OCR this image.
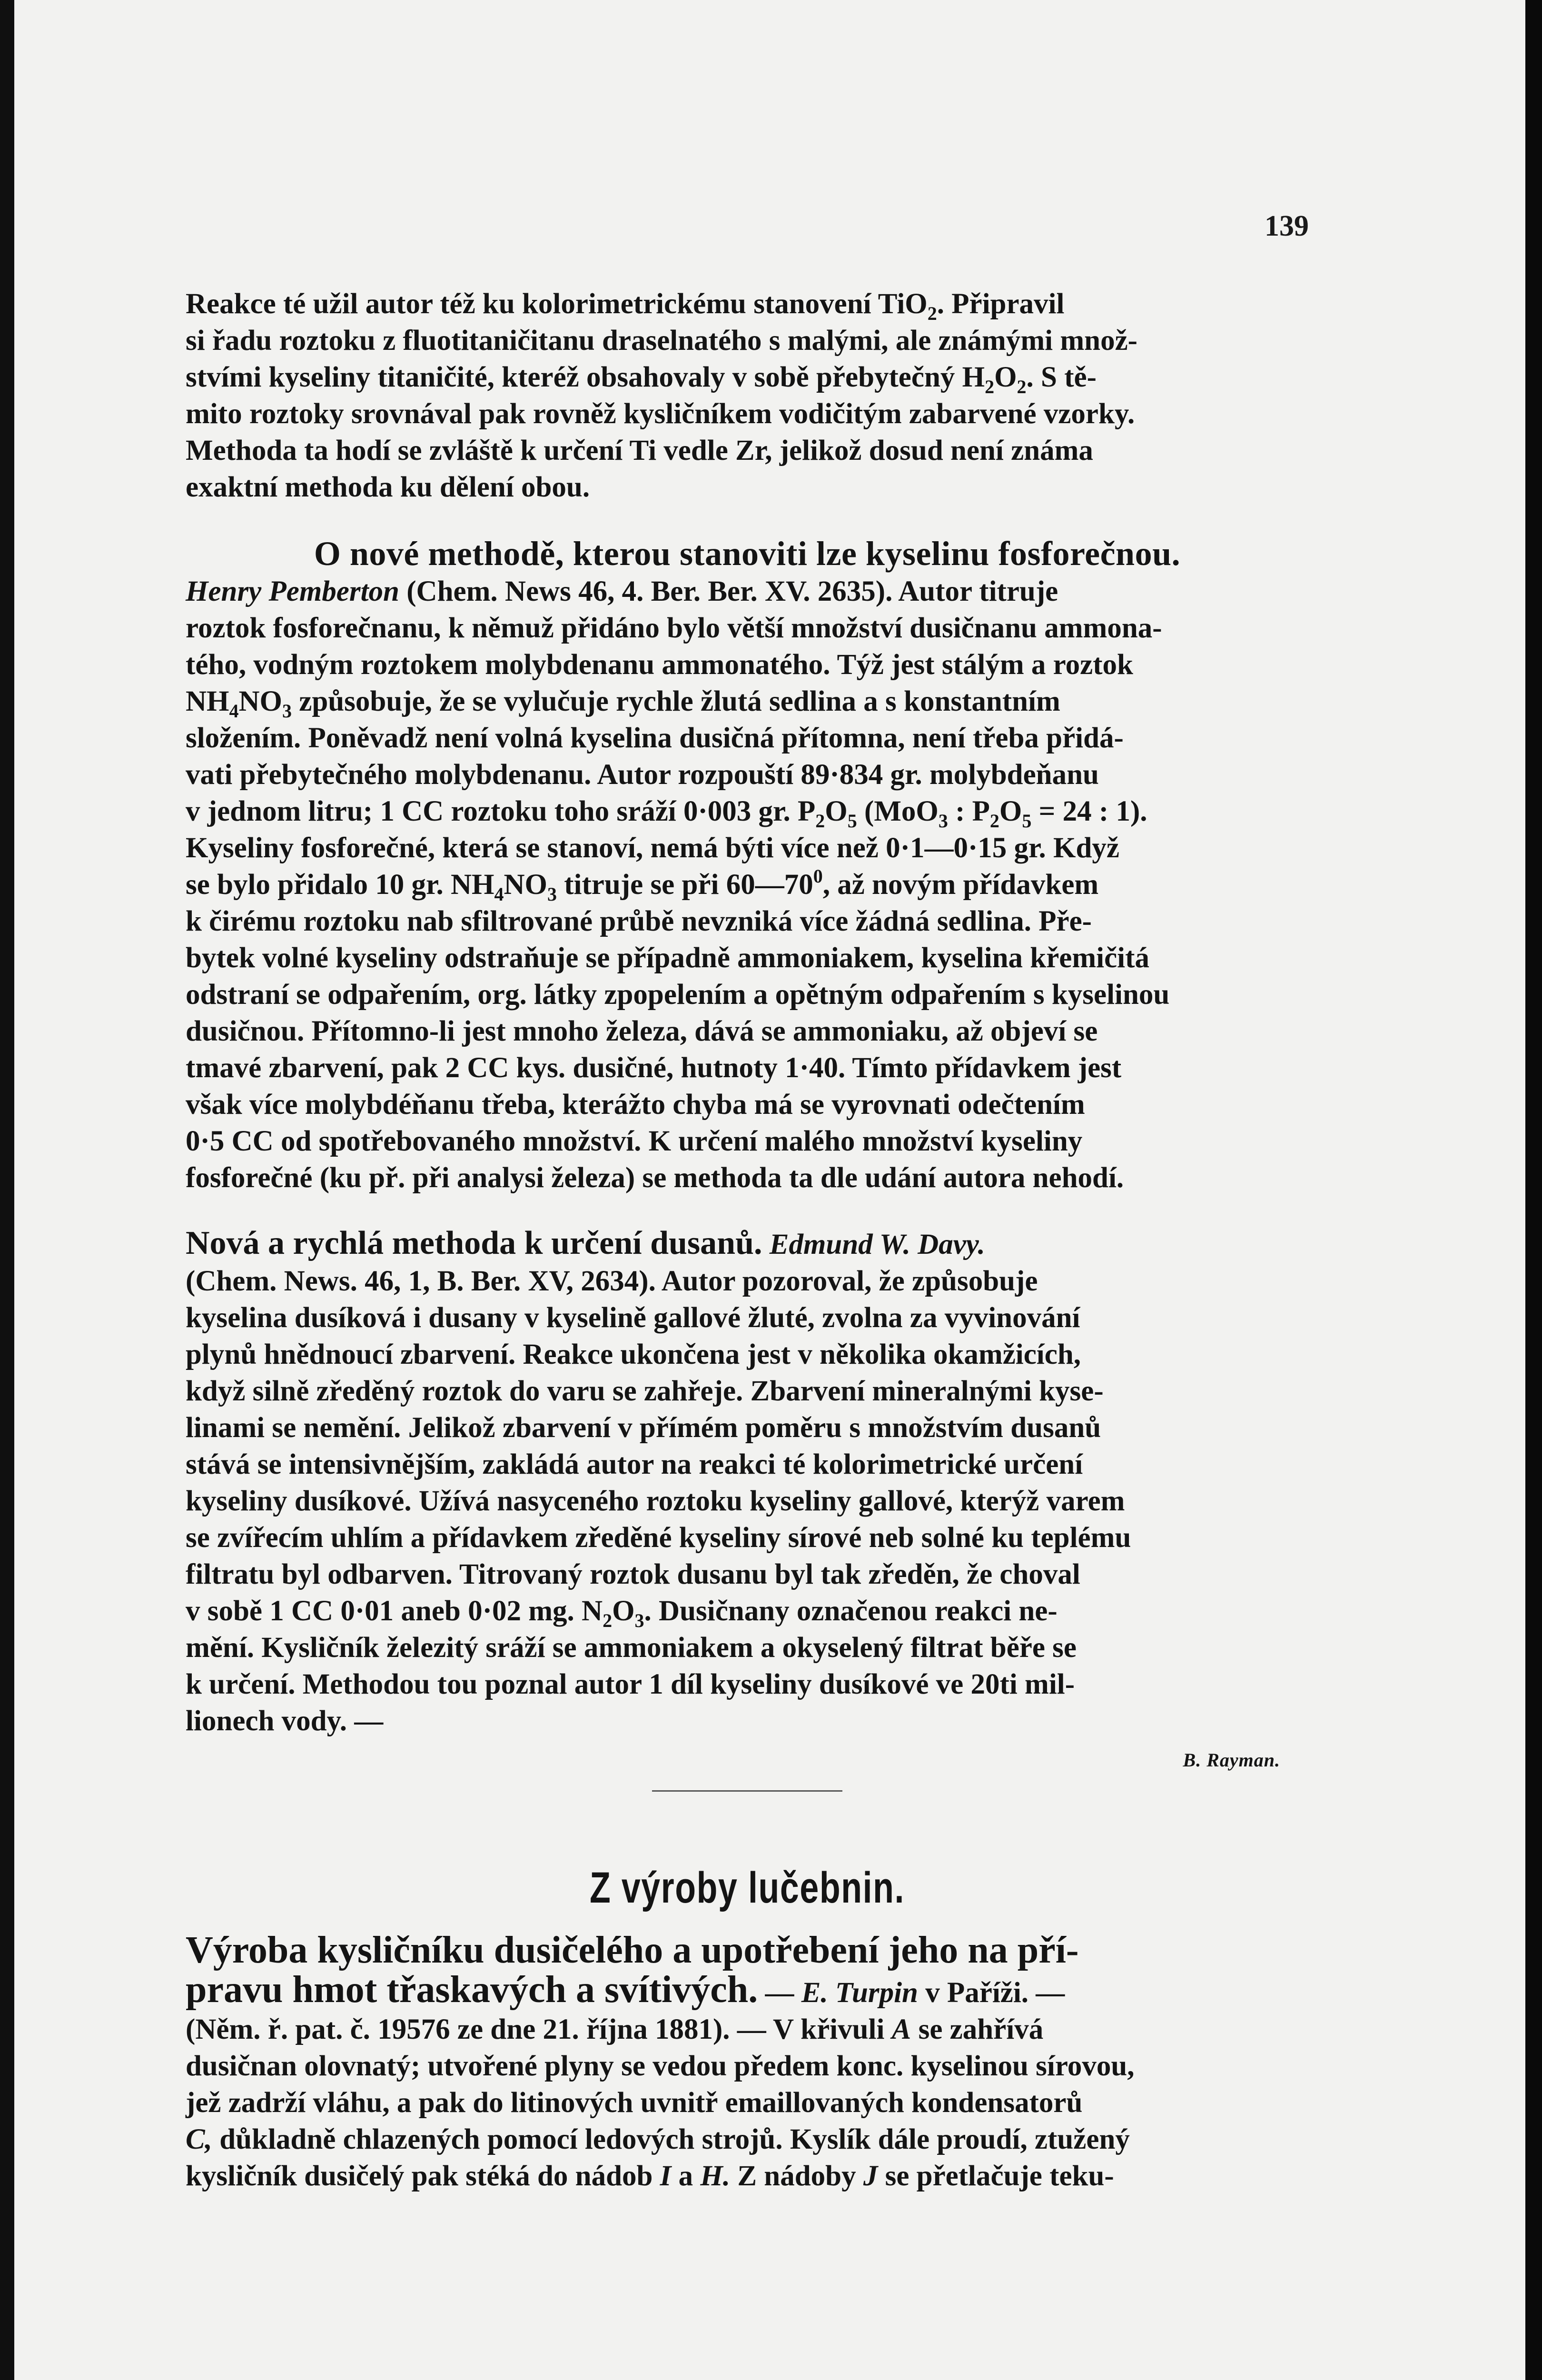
139
Reakce té užil autor též ku kolorimetrickému stanovení TiO$_2$. Připravil
si řadu roztoku z fluotitaničitanu draselnatého s malými, ale známými množ-
stvími kyseliny titaničité, kteréž obsahovaly v sobě přebytečný $H_2O_2$. S tě-
mito roztoky srovnával pak rovněž kysličníkem vodičitým zabarvené vzorky.
Methoda ta hodí se zvláště k určení Ti vedle Zr, jelikož dosud není známa
exaktní methoda ku dělení obou.
O nové methodě, kterou stanoviti lze kyselinu fosforečnou.
Henry Pemberton (Chem. News 46, 4. Ber. Ber. XV. 2635). Autor titruje
roztok fosforečnanu, k němuž přidáno bylo větší množství dusičnanu ammona-
tého, vodným roztokem molybdenanu ammonatého. Týž jest stálým a roztok
$NH_4NO_3$ způsobuje, že se vylučuje rychle žlutá sedlina a s konstantním
složením. Poněvadž není volná kyselina dusičná přítomna, není třeba přidá-
vati přebytečného molybdenanu. Autor rozpouští 89·834 gr. molybdeňanu
v jednom litru; 1 CC roztoku toho sráží 0·003 gr. $P_2O_5$ (MoO$_3$ : $P_2O_5 = 24$ : 1).
Kyseliny fosforečné, která se stanoví, nemá býti více než 0·1—0·15 gr. Když
se bylo přidalo 10 gr. $NH_4NO_3$ titruje se při $60—70^0$, až novým přídavkem
k čirému roztoku nab sfiltrované průbě nevzniká více žádná sedlina. Pře-
bytek volné kyseliny odstraňuje se případně ammoniakem, kyselina křemičitá
odstraní se odpařením, org. látky zpopelením a opětným odpařením s kyselinou
dusičnou. Přítomno-li jest mnoho železa, dává se ammoniaku, až objeví se
tmavé zbarvení, pak 2 CC kys. dusičné, hutnoty 1·40. Tímto přídavkem jest
však více molybdéňanu třeba, kterážto chyba má se vyrovnati odečtením
0·5 CC od spotřebovaného množství. K určení malého množství kyseliny
fosforečné (ku př. při analysi železa) se methoda ta dle udání autora nehodí.
Nová a rychlá methoda k určení dusanů. Edmund W. Davy.
(Chem. News. 46, 1, B. Ber. XV, 2634). Autor pozoroval, že způsobuje
kyselina dusíková i dusany v kyselině gallové žluté, zvolna za vyvinování
plynů hnědnoucí zbarvení. Reakce ukončena jest v několika okamžicích,
když silně zředěný roztok do varu se zahřeje. Zbarvení mineralnými kyse-
linami se nemění. Jelikož zbarvení v přímém poměru s množstvím dusanů
stává se intensivnějším, zakládá autor na reakci té kolorimetrické určení
kyseliny dusíkové. Užívá nasyceného roztoku kyseliny gallové, kterýž varem
se zvířecím uhlím a přídavkem zředěné kyseliny sírové neb solné ku teplému
filtratu byl odbarven. Titrovaný roztok dusanu byl tak zředěn, že choval
v sobě 1 CC 0·01 aneb 0·02 mg. $N_2O_3$. Dusičnany označenou reakci ne-
mění. Kysličník železitý sráží se ammoniakem a okyselený filtrat běře se
k určení. Methodou tou poznal autor 1 díl kyseliny dusíkové ve 20ti mil-
lionech vody. —
B. Rayman.
Z výroby lučebnin.
Výroba kysličníku dusičelého a upotřebení jeho na pří-
pravu hmot třaskavých a svítivých. — E. Turpin v Paříži. —
(Něm. ř. pat. č. 19576 ze dne 21. října 1881). — V křivuli A se zahřívá
dusičnan olovnatý; utvořené plyny se vedou předem konc. kyselinou sírovou,
jež zadrží vláhu, a pak do litinových uvnitř emaillovaných kondensatorů
C, důkladně chlazených pomocí ledových strojů. Kyslík dále proudí, ztužený
kysličník dusičelý pak stéká do nádob I a H. Z nádoby J se přetlačuje teku-
